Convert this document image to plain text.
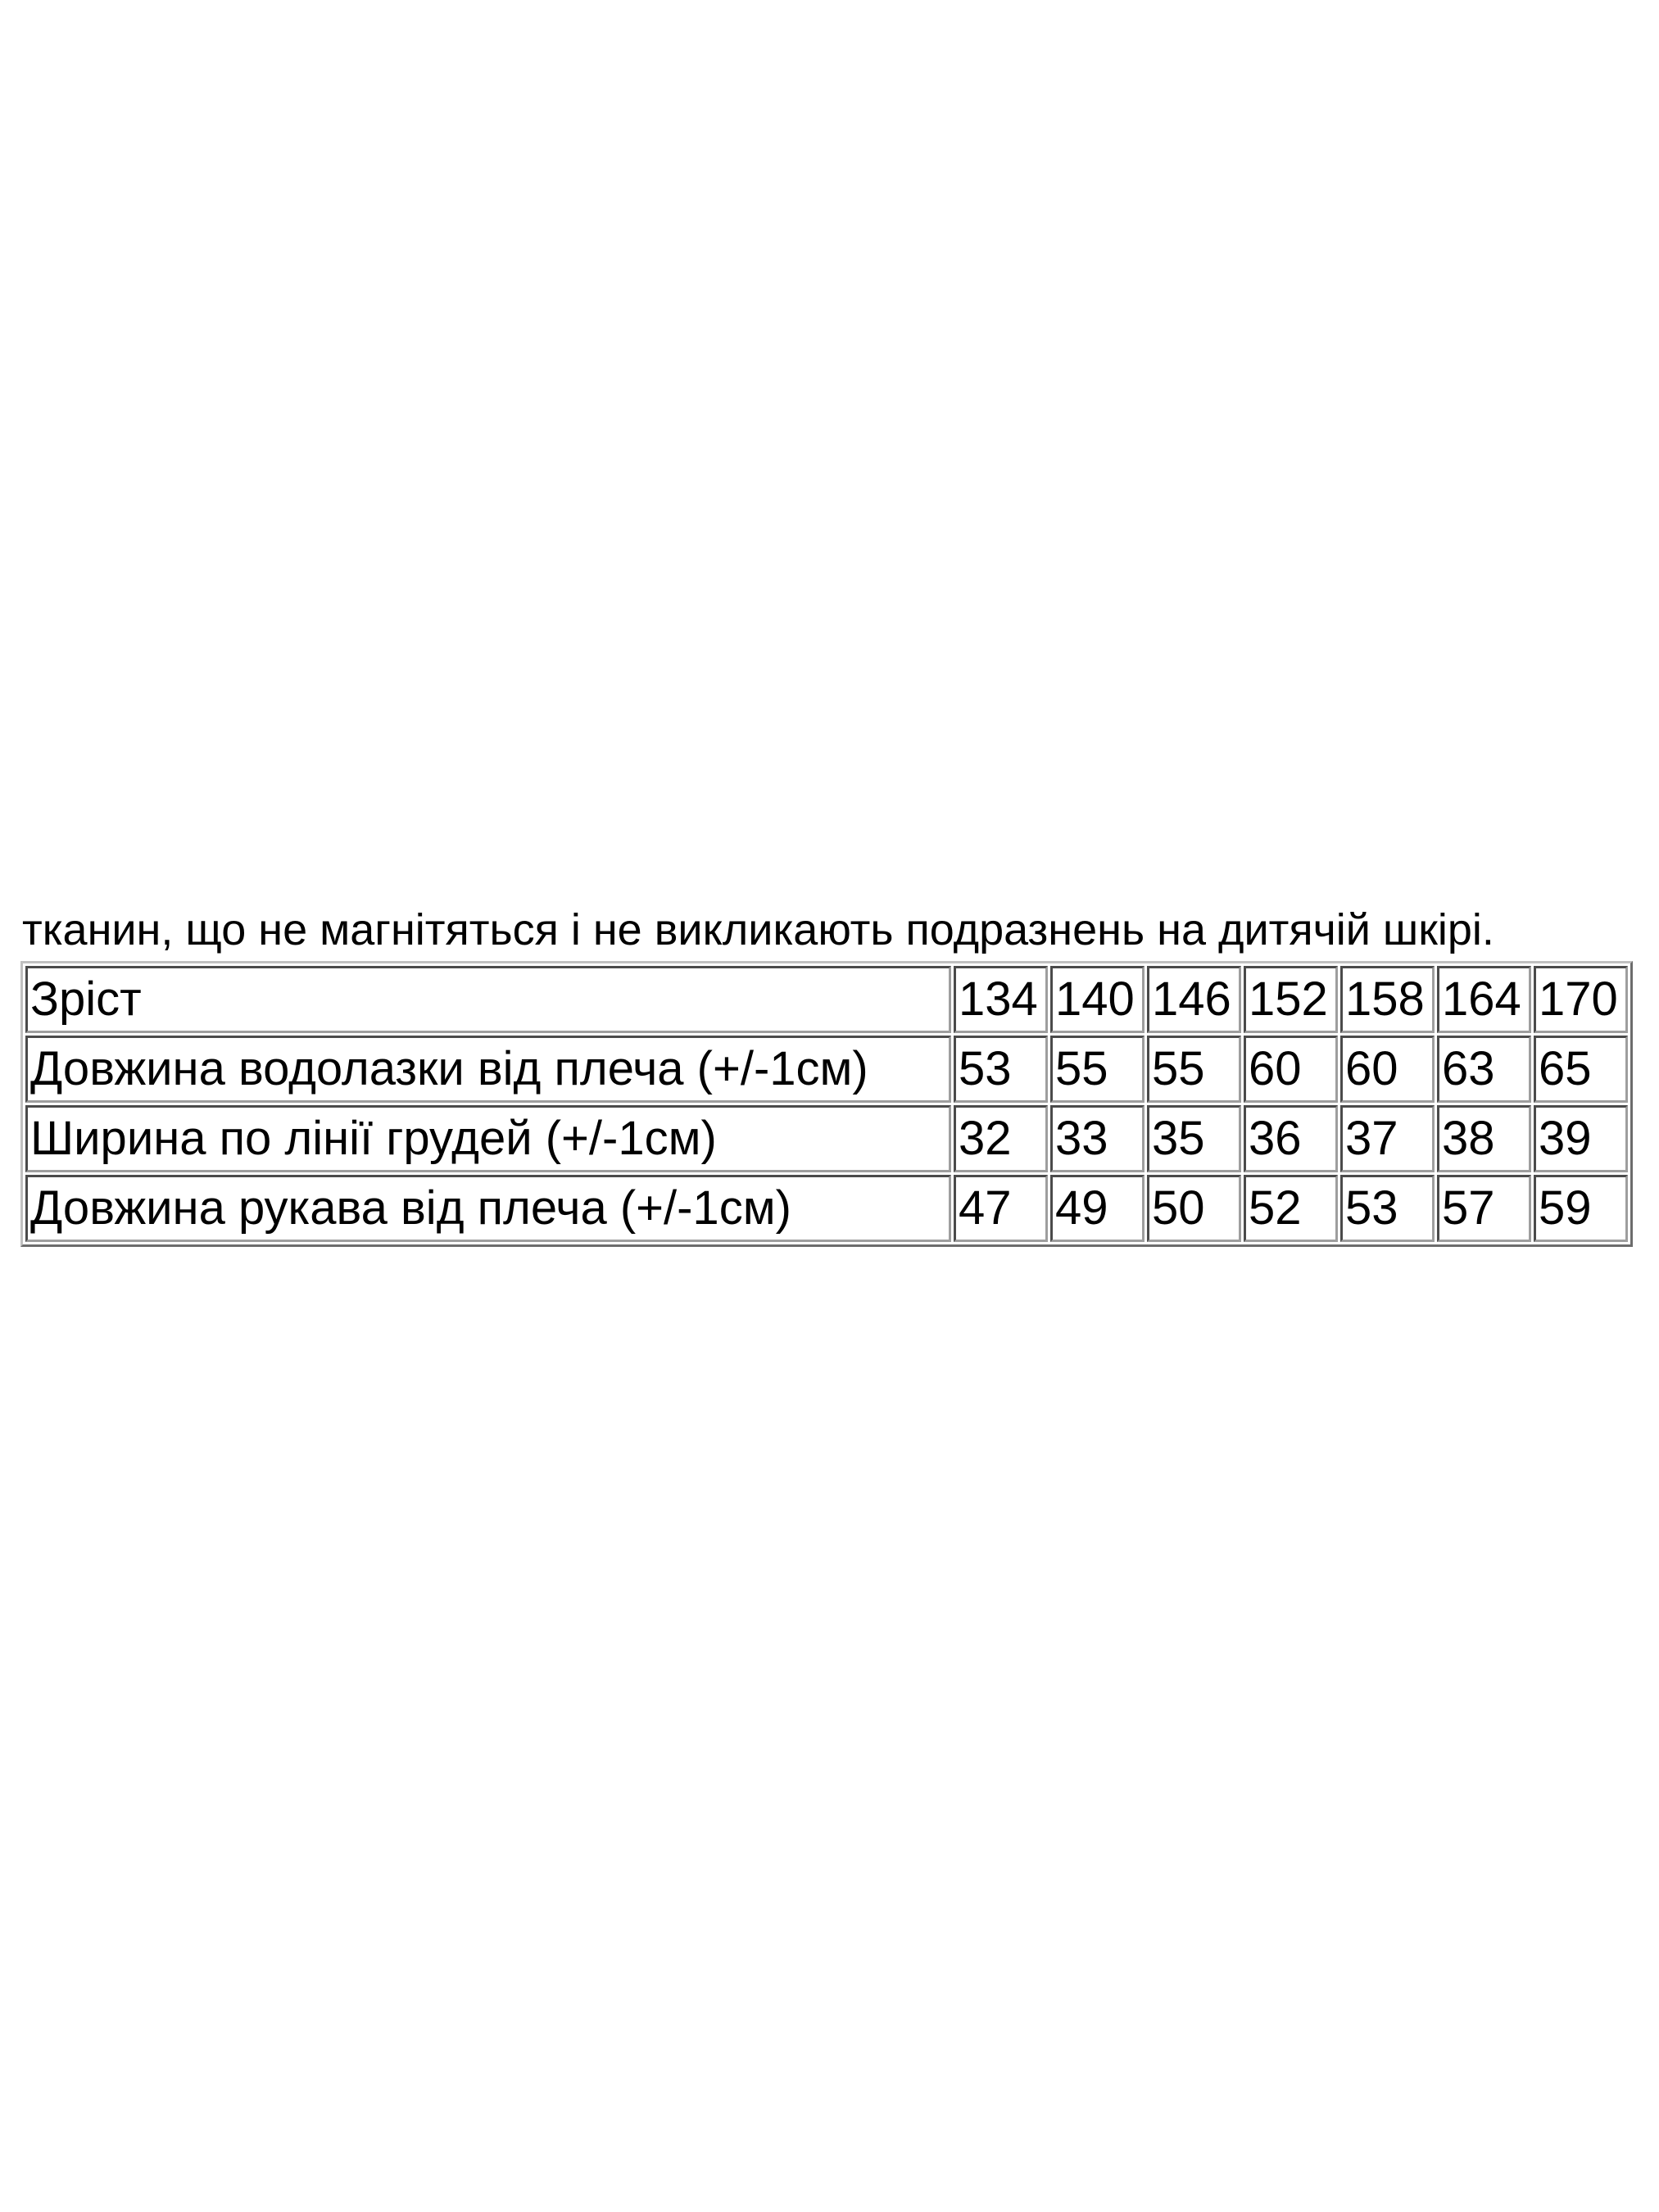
тканин, що не магнітяться і не викликають подразнень на дитячій шкірі.
Зріст	134	140	146	152	158	164	170
Довжина водолазки від плеча (+/-1см)	53	55	55	60	60	63	65
Ширина по лінії грудей (+/-1см)	32	33	35	36	37	38	39
Довжина рукава від плеча (+/-1см)	47	49	50	52	53	57	59
